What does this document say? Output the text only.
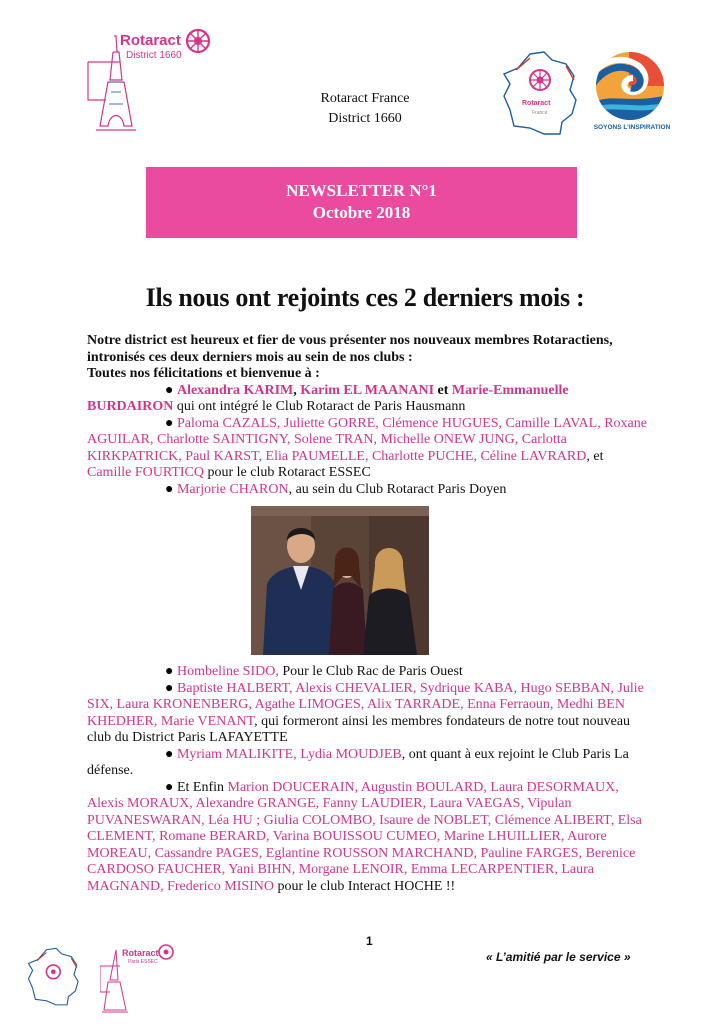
Rotaract
District 1660
Rotaract France
District 1660
Rotaract
France
SOYONS L'INSPIRATION
NEWSLETTER N°1
Octobre 2018
Ils nous ont rejoints ces 2 derniers mois :

Notre district est heureux et fier de vous présenter nos nouveaux membres Rotaractiens,

intronisés ces deux derniers mois au sein de nos clubs :

Toutes nos félicitations et bienvenue à :

● Alexandra KARIM, Karim EL MAANANI et Marie-Emmanuelle BURDAIRON qui ont intégré le Club Rotaract de Paris Hausmann

● Paloma CAZALS, Juliette GORRE, Clémence HUGUES, Camille LAVAL, Roxane AGUILAR, Charlotte SAINTIGNY, Solene TRAN, Michelle ONEW JUNG, Carlotta KIRKPATRICK, Paul KARST, Elia PAUMELLE, Charlotte PUCHE, Céline LAVRARD, et Camille FOURTICQ pour le club Rotaract ESSEC

● Marjorie CHARON, au sein du Club Rotaract Paris Doyen

● Hombeline SIDO, Pour le Club Rac de Paris Ouest

● Baptiste HALBERT, Alexis CHEVALIER, Sydrique KABA, Hugo SEBBAN, Julie SIX, Laura KRONENBERG, Agathe LIMOGES, Alix TARRADE, Enna Ferraoun, Medhi BEN KHEDHER, Marie VENANT, qui formeront ainsi les membres fondateurs de notre tout nouveau club du District Paris LAFAYETTE

● Myriam MALIKITE, Lydia MOUDJEB, ont quant à eux rejoint le Club Paris La défense.

● Et Enfin Marion DOUCERAIN, Augustin BOULARD, Laura DESORMAUX, Alexis MORAUX, Alexandre GRANGE, Fanny LAUDIER, Laura VAEGAS, Vipulan PUVANESWARAN, Léa HU ; Giulia COLOMBO, Isaure de NOBLET, Clémence ALIBERT, Elsa CLEMENT, Romane BERARD, Varina BOUISSOU CUMEO, Marine LHUILLIER, Aurore MOREAU, Cassandre PAGES, Eglantine ROUSSON MARCHAND, Pauline FARGES, Berenice CARDOSO FAUCHER, Yani BIHN, Morgane LENOIR, Emma LECARPENTIER, Laura MAGNAND, Frederico MISINO pour le club Interact HOCHE !!

Rotaract
Paris ESSEC
1
« L’amitié par le service »
